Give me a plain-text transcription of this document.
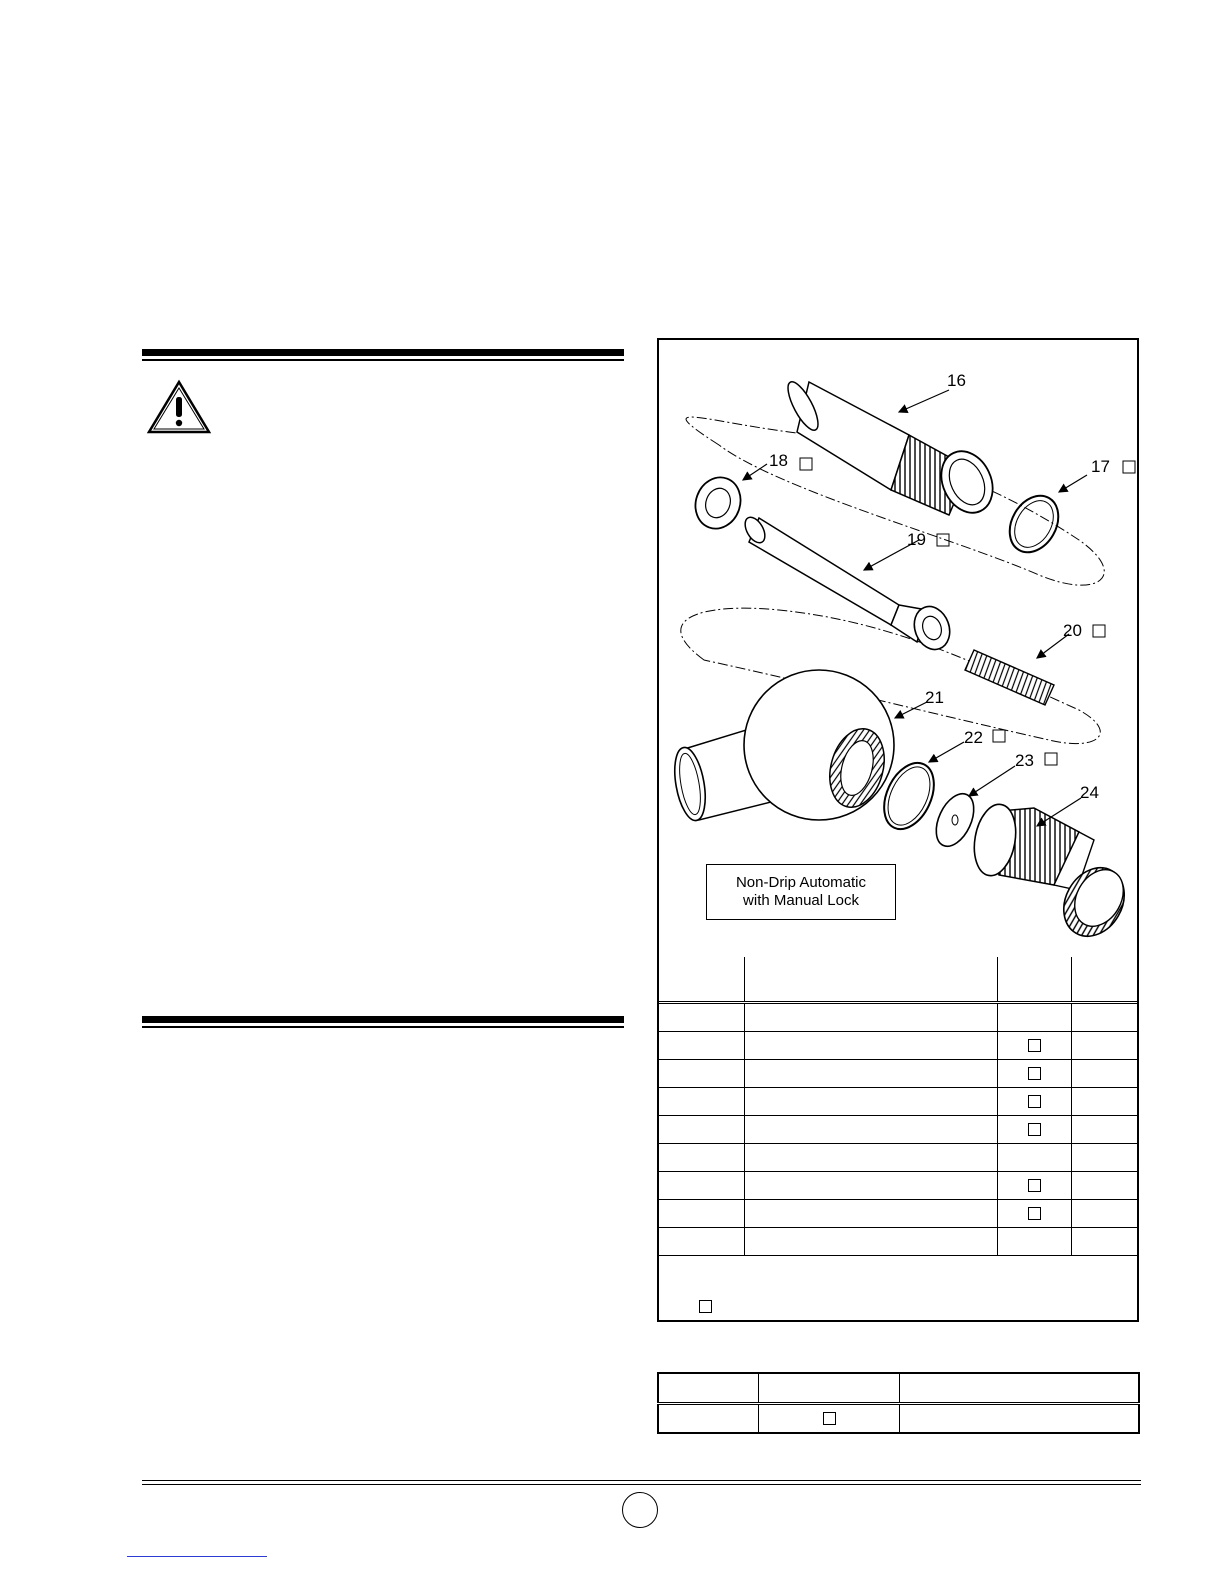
16
17
18
19
20
21
22
23
24
Non-Drip Automatic
with Manual Lock
